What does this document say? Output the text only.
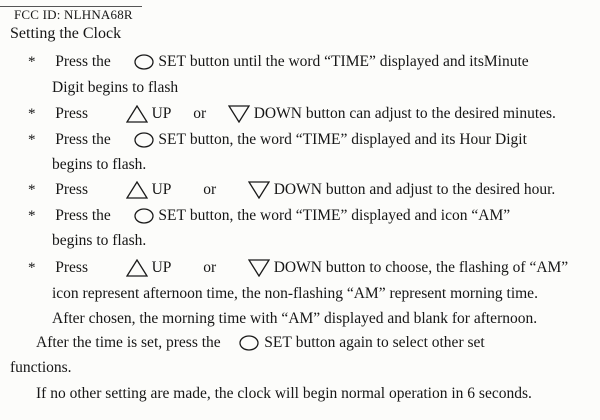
FCC ID: NLHNA68R
Setting the Clock
* Press the	SET button until the word “TIME” displayed and itsMinute
Digit begins to flash
* Press	UP or	DOWN button can adjust to the desired minutes.
* Press the	SET button, the word “TIME” displayed and its Hour Digit
begins to flash.
* Press	UP or	DOWN button and adjust to the desired hour.
* Press the	SET button, the word “TIME” displayed and icon “AM”
begins to flash.
* Press	UP or	DOWN button to choose, the flashing of “AM”
icon represent afternoon time, the non-flashing “AM” represent morning time.
After chosen, the morning time with “AM” displayed and blank for afternoon.
After the time is set, press the	SET button again to select other set
functions.
If no other setting are made, the clock will begin normal operation in 6 seconds.
